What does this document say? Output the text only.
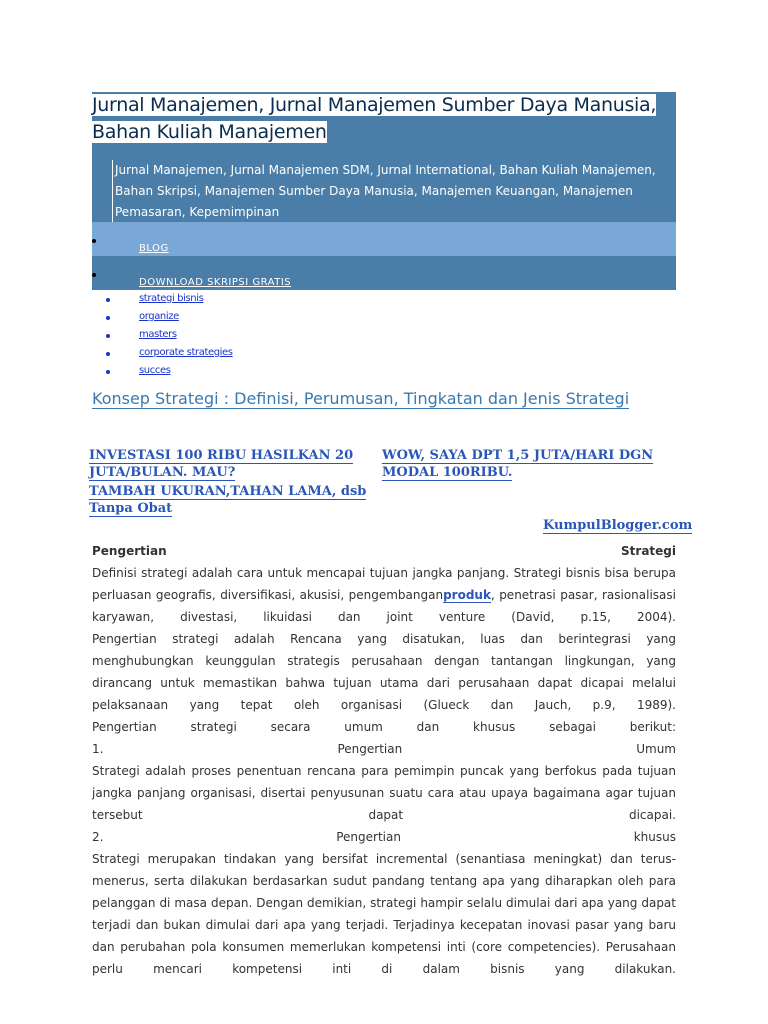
Jurnal Manajemen, Jurnal Manajemen Sumber Daya Manusia, Bahan Kuliah Manajemen

Jurnal Manajemen, Jurnal Manajemen SDM, Jurnal International, Bahan Kuliah Manajemen, Bahan Skripsi, Manajemen Sumber Daya Manusia, Manajemen Keuangan, Manajemen Pemasaran, Kepemimpinan

BLOG
DOWNLOAD SKRIPSI GRATIS
strategi bisnis
organize
masters
corporate strategies
succes
Konsep Strategi : Definisi, Perumusan, Tingkatan dan Jenis Strategi
INVESTASI 100 RIBU HASILKAN 20 JUTA/BULAN. MAU?
WOW, SAYA DPT 1,5 JUTA/HARI DGN MODAL 100RIBU.
TAMBAH UKURAN,TAHAN LAMA, dsb Tanpa Obat
KumpulBlogger.com

Pengertian	Strategi

Definisi strategi adalah cara untuk mencapai tujuan jangka panjang. Strategi bisnis bisa berupa perluasan geografis, diversifikasi, akusisi, pengembanganproduk, penetrasi pasar, rasionalisasi karyawan, divestasi, likuidasi dan joint venture (David, p.15, 2004).

Pengertian strategi adalah Rencana yang disatukan, luas dan berintegrasi yang menghubungkan keunggulan strategis perusahaan dengan tantangan lingkungan, yang dirancang untuk memastikan bahwa tujuan utama dari perusahaan dapat dicapai melalui pelaksanaan yang tepat oleh organisasi (Glueck dan Jauch, p.9, 1989).

Pengertian strategi secara umum dan khusus sebagai berikut:

1. Pengertian Umum

Strategi adalah proses penentuan rencana para pemimpin puncak yang berfokus pada tujuan jangka panjang organisasi, disertai penyusunan suatu cara atau upaya bagaimana agar tujuan tersebut dapat dicapai.

2. Pengertian khusus

Strategi merupakan tindakan yang bersifat incremental (senantiasa meningkat) dan terus-menerus, serta dilakukan berdasarkan sudut pandang tentang apa yang diharapkan oleh para pelanggan di masa depan. Dengan demikian, strategi hampir selalu dimulai dari apa yang dapat terjadi dan bukan dimulai dari apa yang terjadi. Terjadinya kecepatan inovasi pasar yang baru dan perubahan pola konsumen memerlukan kompetensi inti (core competencies). Perusahaan perlu mencari kompetensi inti di dalam bisnis yang dilakukan.
